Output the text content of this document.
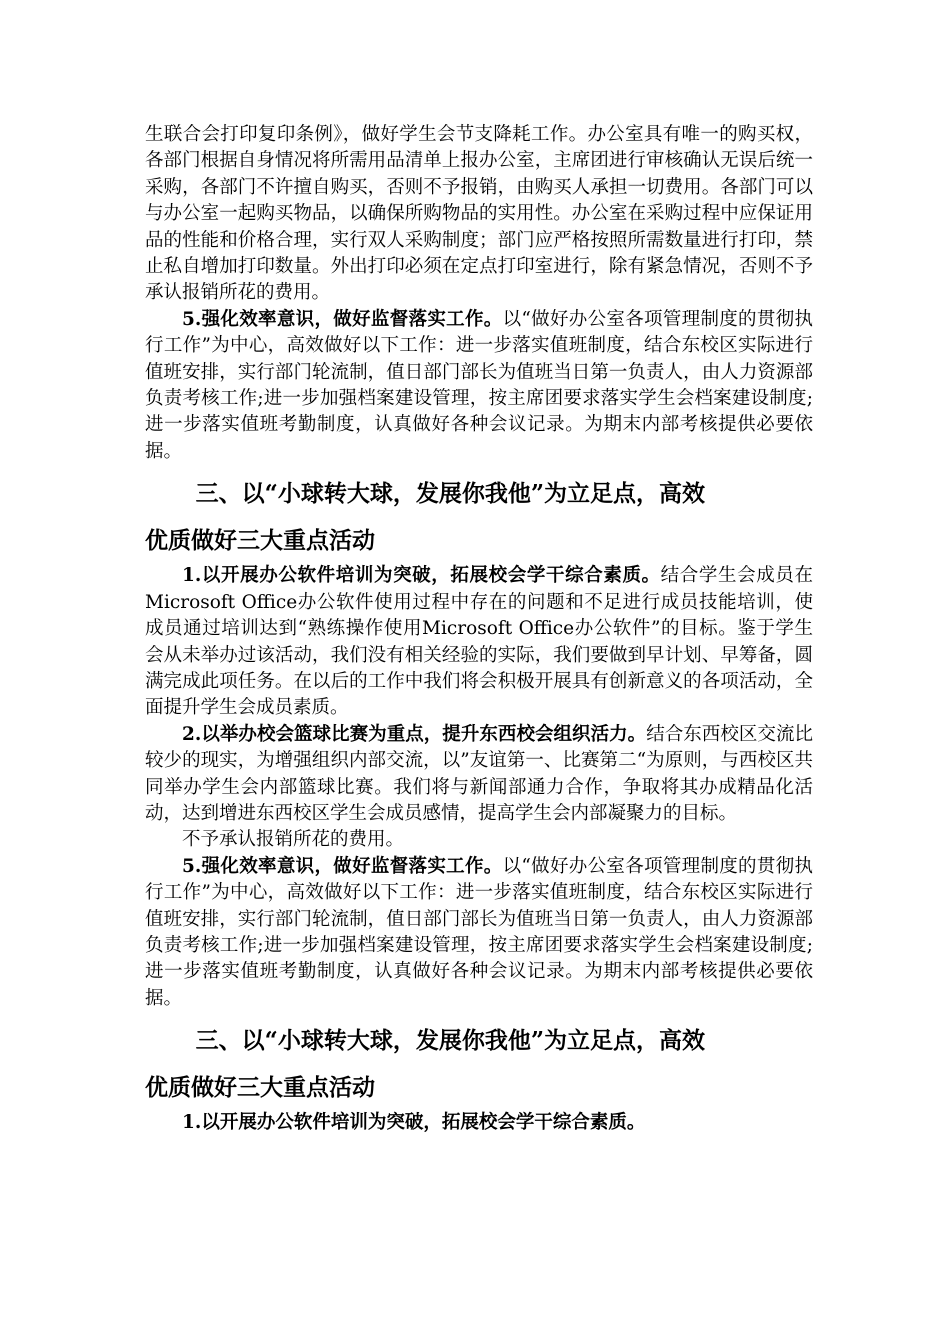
生联合会打印复印条例》，做好学生会节支降耗工作。办公室具有唯一的购买权，各部门根据自身情况将所需用品清单上报办公室，主席团进行审核确认无误后统一采购，各部门不许擅自购买，否则不予报销，由购买人承担一切费用。各部门可以与办公室一起购买物品，以确保所购物品的实用性。办公室在采购过程中应保证用品的性能和价格合理，实行双人采购制度；部门应严格按照所需数量进行打印，禁止私自增加打印数量。外出打印必须在定点打印室进行，除有紧急情况，否则不予承认报销所花的费用。

5.强化效率意识，做好监督落实工作。以“做好办公室各项管理制度的贯彻执行工作”为中心，高效做好以下工作：进一步落实值班制度，结合东校区实际进行值班安排，实行部门轮流制，值日部门部长为值班当日第一负责人，由人力资源部负责考核工作;进一步加强档案建设管理，按主席团要求落实学生会档案建设制度;进一步落实值班考勤制度，认真做好各种会议记录。为期末内部考核提供必要依据。

三、以“小球转大球，发展你我他”为立足点，高效

优质做好三大重点活动

1.以开展办公软件培训为突破，拓展校会学干综合素质。结合学生会成员在Microsoft Office办公软件使用过程中存在的问题和不足进行成员技能培训，使成员通过培训达到“熟练操作使用Microsoft Office办公软件”的目标。鉴于学生会从未举办过该活动，我们没有相关经验的实际，我们要做到早计划、早筹备，圆满完成此项任务。在以后的工作中我们将会积极开展具有创新意义的各项活动，全面提升学生会成员素质。

2.以举办校会篮球比赛为重点，提升东西校会组织活力。结合东西校区交流比较少的现实，为增强组织内部交流，以”友谊第一、比赛第二“为原则，与西校区共同举办学生会内部篮球比赛。我们将与新闻部通力合作，争取将其办成精品化活动，达到增进东西校区学生会成员感情，提高学生会内部凝聚力的目标。

不予承认报销所花的费用。

5.强化效率意识，做好监督落实工作。以“做好办公室各项管理制度的贯彻执行工作”为中心，高效做好以下工作：进一步落实值班制度，结合东校区实际进行值班安排，实行部门轮流制，值日部门部长为值班当日第一负责人，由人力资源部负责考核工作;进一步加强档案建设管理，按主席团要求落实学生会档案建设制度;进一步落实值班考勤制度，认真做好各种会议记录。为期末内部考核提供必要依据。

三、以“小球转大球，发展你我他”为立足点，高效

优质做好三大重点活动

1.以开展办公软件培训为突破，拓展校会学干综合素质。
